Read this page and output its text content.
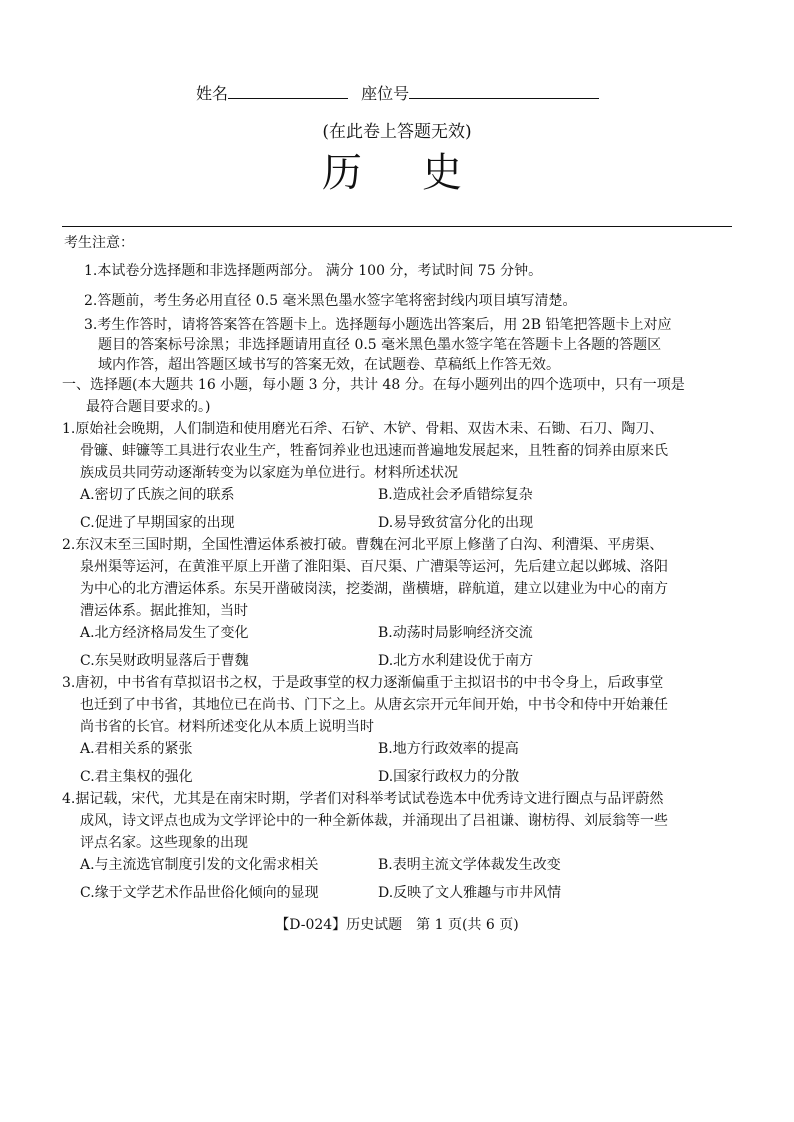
姓名	座位号
(在此卷上答题无效)
历史
考生注意：
1.本试卷分选择题和非选择题两部分。 满分 100 分，考试时间 75 分钟。
2.答题前，考生务必用直径 0.5 毫米黑色墨水签字笔将密封线内项目填写清楚。
3.考生作答时，请将答案答在答题卡上。选择题每小题选出答案后，用 2B 铅笔把答题卡上对应
题目的答案标号涂黑；非选择题请用直径 0.5 毫米黑色墨水签字笔在答题卡上各题的答题区
域内作答，超出答题区域书写的答案无效，在试题卷、草稿纸上作答无效。
一、选择题(本大题共 16 小题，每小题 3 分，共计 48 分。在每小题列出的四个选项中，只有一项是
最符合题目要求的。)
1.原始社会晚期，人们制造和使用磨光石斧、石铲、木铲、骨耜、双齿木耒、石锄、石刀、陶刀、
骨镰、蚌镰等工具进行农业生产，牲畜饲养业也迅速而普遍地发展起来，且牲畜的饲养由原来氏
族成员共同劳动逐渐转变为以家庭为单位进行。材料所述状况
A.密切了氏族之间的联系	B.造成社会矛盾错综复杂
C.促进了早期国家的出现	D.易导致贫富分化的出现
2.东汉末至三国时期，全国性漕运体系被打破。曹魏在河北平原上修凿了白沟、利漕渠、平虏渠、
泉州渠等运河，在黄淮平原上开凿了淮阳渠、百尺渠、广漕渠等运河，先后建立起以邺城、洛阳
为中心的北方漕运体系。东吴开凿破岗渎，挖娄湖，凿横塘，辟航道，建立以建业为中心的南方
漕运体系。据此推知，当时
A.北方经济格局发生了变化	B.动荡时局影响经济交流
C.东吴财政明显落后于曹魏	D.北方水利建设优于南方
3.唐初，中书省有草拟诏书之权，于是政事堂的权力逐渐偏重于主拟诏书的中书令身上，后政事堂
也迁到了中书省，其地位已在尚书、门下之上。从唐玄宗开元年间开始，中书令和侍中开始兼任
尚书省的长官。材料所述变化从本质上说明当时
A.君相关系的紧张	B.地方行政效率的提高
C.君主集权的强化	D.国家行政权力的分散
4.据记载，宋代，尤其是在南宋时期，学者们对科举考试试卷选本中优秀诗文进行圈点与品评蔚然
成风，诗文评点也成为文学评论中的一种全新体裁，并涌现出了吕祖谦、谢枋得、刘辰翁等一些
评点名家。这些现象的出现
A.与主流选官制度引发的文化需求相关	B.表明主流文学体裁发生改变
C.缘于文学艺术作品世俗化倾向的显现	D.反映了文人雅趣与市井风情
【D-024】历史试题　第 1 页(共 6 页)
